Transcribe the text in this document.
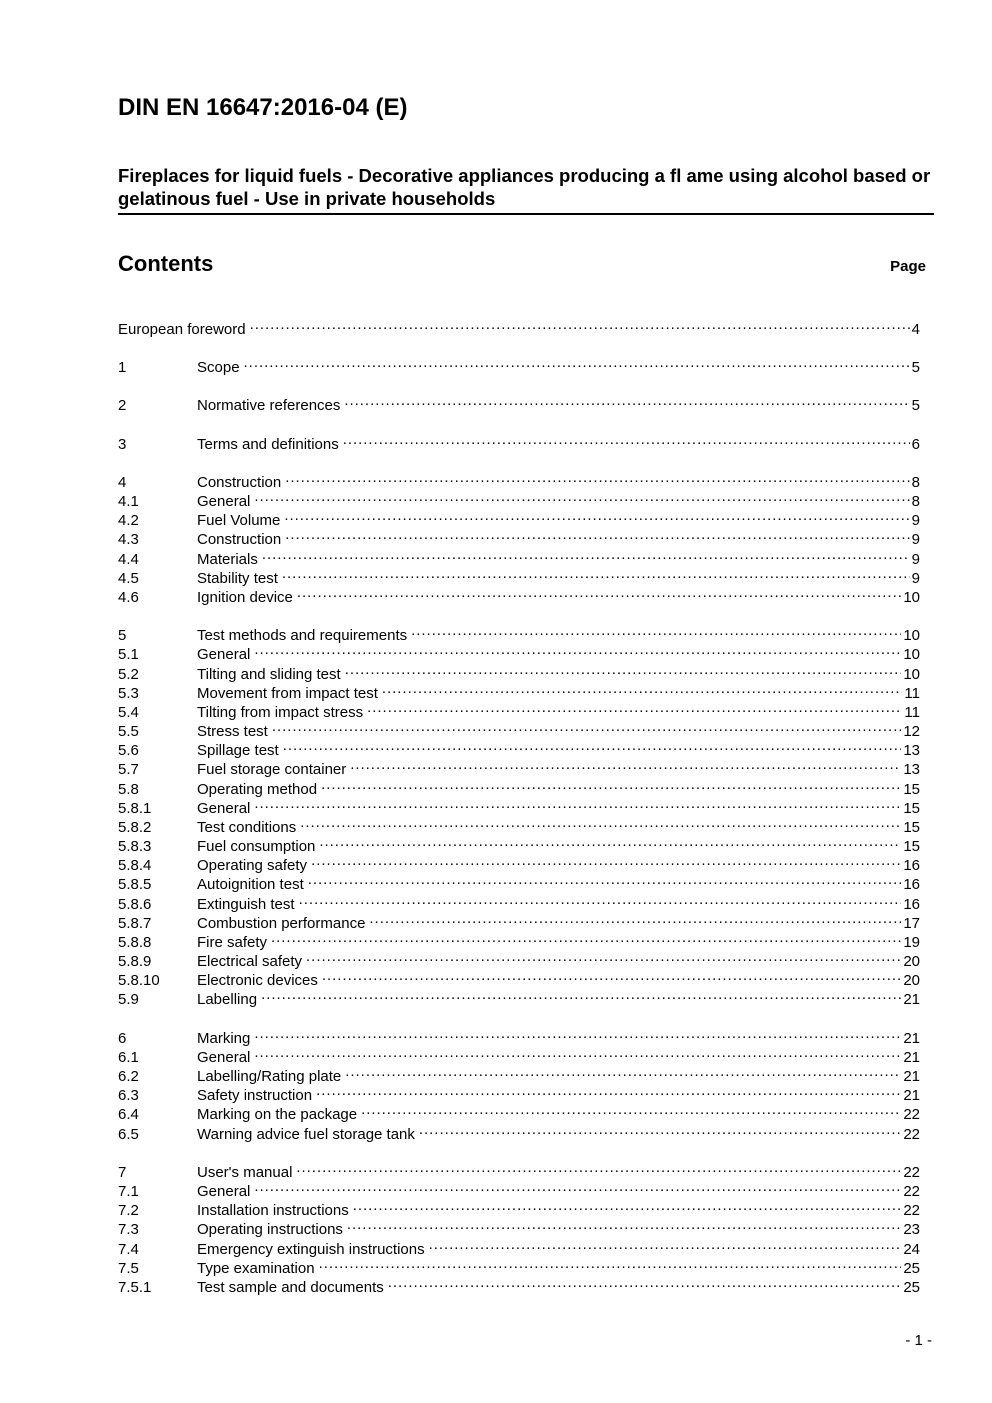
DIN EN 16647:2016-04 (E)
Fireplaces for liquid fuels - Decorative appliances producing a fl ame using alcohol based or gelatinous fuel - Use in private households
Contents	Page
European foreword . . .	4
1	Scope . . .	5
2	Normative references . . .	5
3	Terms and definitions . . .	6
4	Construction . . .	8
4.1	General . . .	8
4.2	Fuel Volume . . .	9
4.3	Construction . . .	9
4.4	Materials . . .	9
4.5	Stability test . . .	9
4.6	Ignition device . . .	10
5	Test methods and requirements . . .	10
5.1	General . . .	10
5.2	Tilting and sliding test . . .	10
5.3	Movement from impact test . . .	11
5.4	Tilting from impact stress . . .	11
5.5	Stress test . . .	12
5.6	Spillage test . . .	13
5.7	Fuel storage container . . .	13
5.8	Operating method . . .	15
5.8.1	General . . .	15
5.8.2	Test conditions . . .	15
5.8.3	Fuel consumption . . .	15
5.8.4	Operating safety . . .	16
5.8.5	Autoignition test . . .	16
5.8.6	Extinguish test . . .	16
5.8.7	Combustion performance . . .	17
5.8.8	Fire safety . . .	19
5.8.9	Electrical safety . . .	20
5.8.10	Electronic devices . . .	20
5.9	Labelling . . .	21
6	Marking . . .	21
6.1	General . . .	21
6.2	Labelling/Rating plate . . .	21
6.3	Safety instruction . . .	21
6.4	Marking on the package . . .	22
6.5	Warning advice fuel storage tank . . .	22
7	User's manual . . .	22
7.1	General . . .	22
7.2	Installation instructions . . .	22
7.3	Operating instructions . . .	23
7.4	Emergency extinguish instructions . . .	24
7.5	Type examination . . .	25
7.5.1	Test sample and documents . . .	25
- 1 -
